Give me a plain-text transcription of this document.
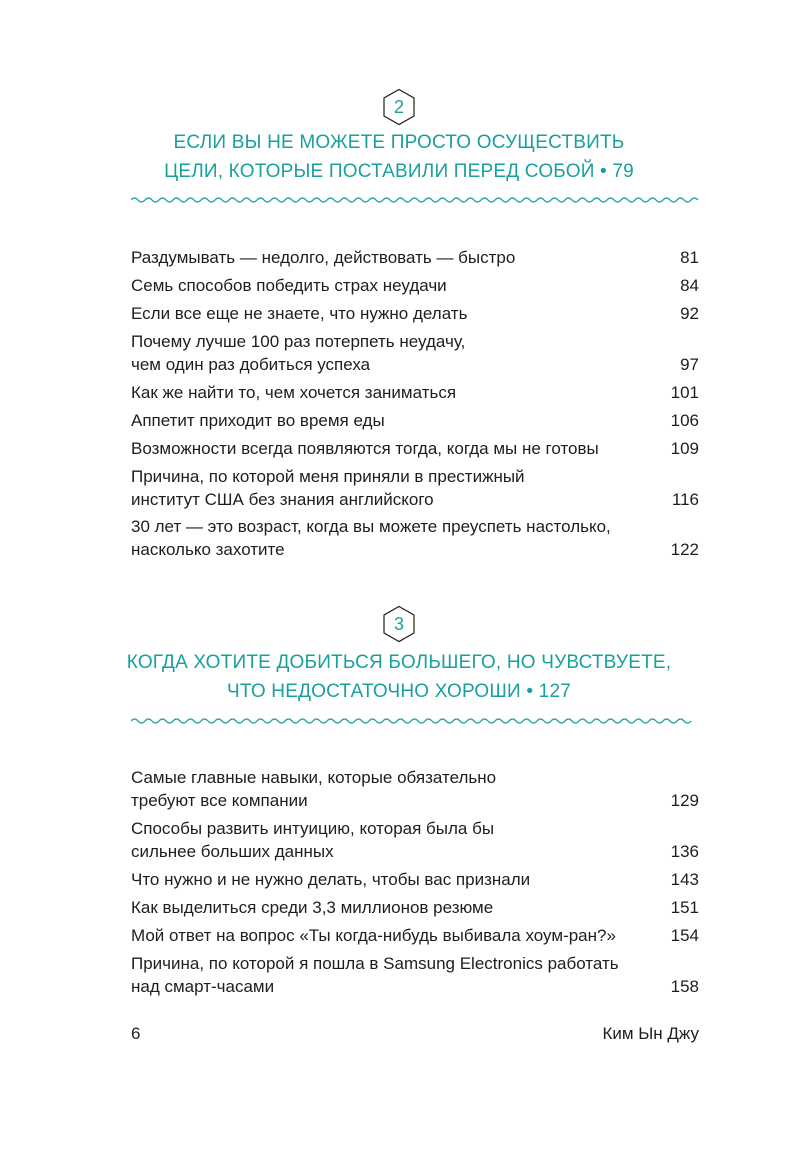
2
ЕСЛИ ВЫ НЕ МОЖЕТЕ ПРОСТО ОСУЩЕСТВИТЬ
ЦЕЛИ, КОТОРЫЕ ПОСТАВИЛИ ПЕРЕД СОБОЙ • 79
Раздумывать — недолго, действовать — быстро	81
Семь способов победить страх неудачи	84
Если все еще не знаете, что нужно делать	92
Почему лучше 100 раз потерпеть неудачу,
чем один раз добиться успеха	97
Как же найти то, чем хочется заниматься	101
Аппетит приходит во время еды	106
Возможности всегда появляются тогда, когда мы не готовы	109
Причина, по которой меня приняли в престижный
институт США без знания английского	116
30 лет — это возраст, когда вы можете преуспеть настолько,
насколько захотите	122
3
КОГДА ХОТИТЕ ДОБИТЬСЯ БОЛЬШЕГО, НО ЧУВСТВУЕТЕ,
ЧТО НЕДОСТАТОЧНО ХОРОШИ • 127
Самые главные навыки, которые обязательно
требуют все компании	129
Способы развить интуицию, которая была бы
сильнее больших данных	136
Что нужно и не нужно делать, чтобы вас признали	143
Как выделиться среди 3,3 миллионов резюме	151
Мой ответ на вопрос «Ты когда-нибудь выбивала хоум-ран?»	154
Причина, по которой я пошла в Samsung Electronics работать
над смарт-часами	158
6	Ким Ын Джу
